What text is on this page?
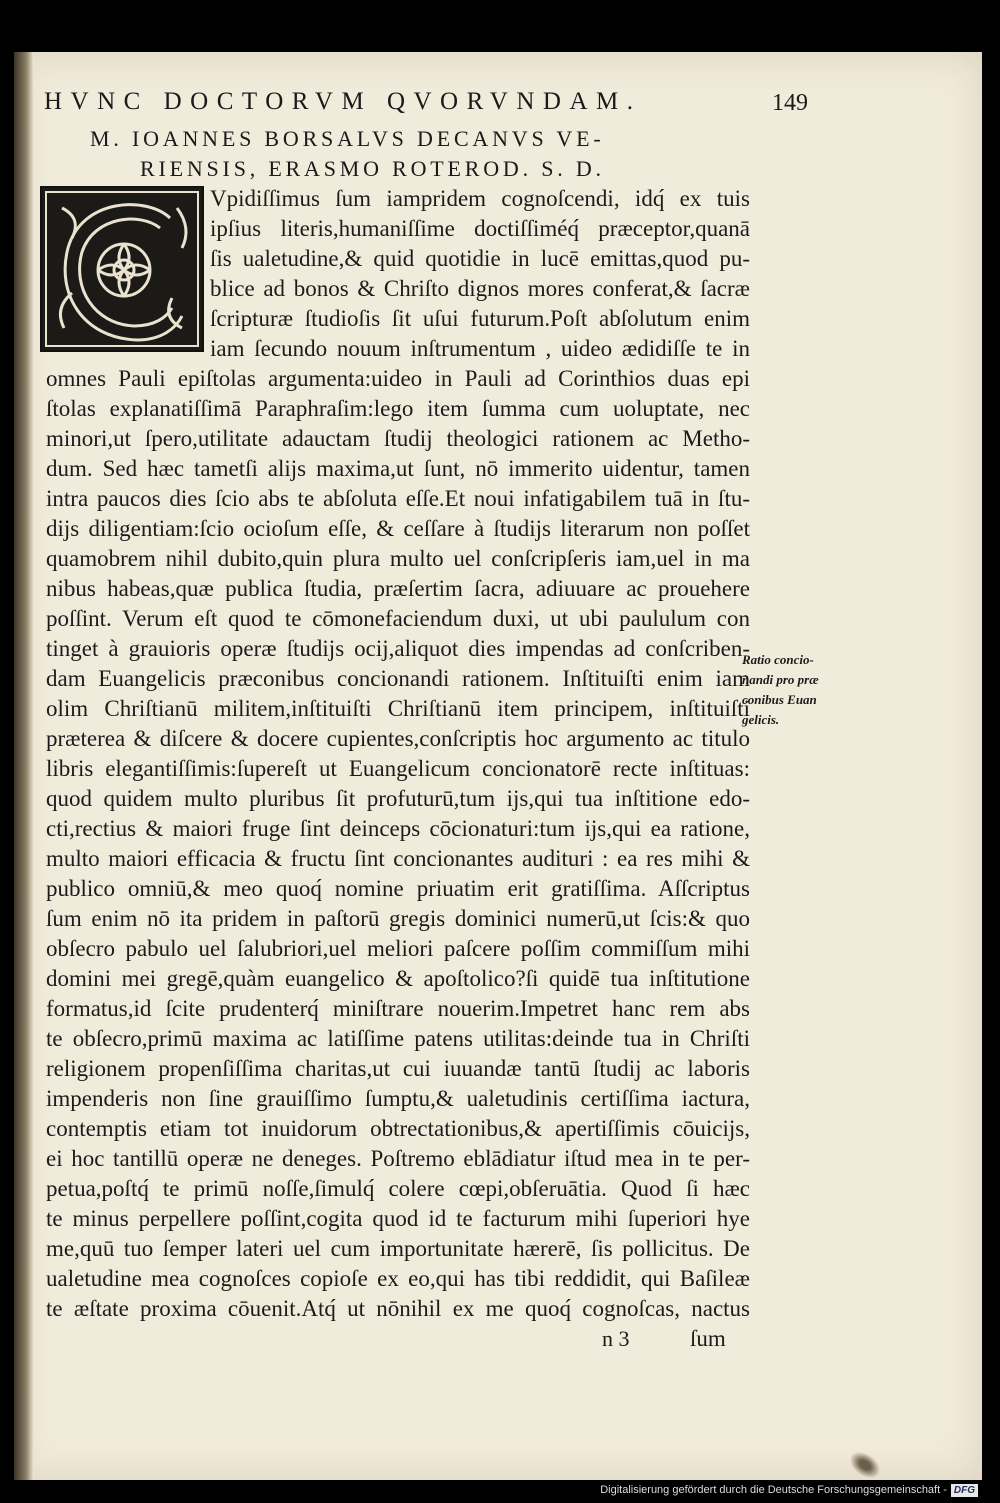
HVNC DOCTORVM QVORVNDAM.	149
M. IOANNES BORSALVS DECANVS VE-
RIENSIS, ERASMO ROTEROD. S. D.
Vpidiſſimus ſum iampridem cognoſcendi, idq́ ex tuis
ipſius literis,humaniſſime doctiſſiméq́ præceptor,quanā
ſis ualetudine,& quid quotidie in lucē emittas,quod pu-
blice ad bonos & Chriſto dignos mores conferat,& ſacræ
ſcripturæ ſtudioſis ſit uſui futurum.Poſt abſolutum enim
iam ſecundo nouum inſtrumentum , uideo ædidiſſe te in
omnes Pauli epiſtolas argumenta:uideo in Pauli ad Corinthios duas epi
ſtolas explanatiſſimā Paraphraſim:lego item ſumma cum uoluptate, nec
minori,ut ſpero,utilitate adauctam ſtudij theologici rationem ac Metho-
dum. Sed hæc tametſi alijs maxima,ut ſunt, nō immerito uidentur, tamen
intra paucos dies ſcio abs te abſoluta eſſe.Et noui infatigabilem tuā in ſtu-
dijs diligentiam:ſcio ocioſum eſſe, & ceſſare à ſtudijs literarum non poſſet
quamobrem nihil dubito,quin plura multo uel conſcripſeris iam,uel in ma
nibus habeas,quæ publica ſtudia, præſertim ſacra, adiuuare ac prouehere
poſſint. Verum eſt quod te cōmonefaciendum duxi, ut ubi paululum con
tinget à grauioris operæ ſtudijs ocij,aliquot dies impendas ad conſcriben-
dam Euangelicis præconibus concionandi rationem. Inſtituiſti enim iam
olim Chriſtianū militem,inſtituiſti Chriſtianū item principem, inſtituiſti
præterea & diſcere & docere cupientes,conſcriptis hoc argumento ac titulo
libris elegantiſſimis:ſupereſt ut Euangelicum concionatorē recte inſtituas:
quod quidem multo pluribus ſit profuturū,tum ijs,qui tua inſtitione edo-
cti,rectius & maiori fruge ſint deinceps cōcionaturi:tum ijs,qui ea ratione,
multo maiori efficacia & fructu ſint concionantes audituri : ea res mihi &
publico omniū,& meo quoq́ nomine priuatim erit gratiſſima. Aſſcriptus
ſum enim nō ita pridem in paſtorū gregis dominici numerū,ut ſcis:& quo
obſecro pabulo uel ſalubriori,uel meliori paſcere poſſim commiſſum mihi
domini mei gregē,quàm euangelico & apoſtolico?ſi quidē tua inſtitutione
formatus,id ſcite prudenterq́ miniſtrare nouerim.Impetret hanc rem abs
te obſecro,primū maxima ac latiſſime patens utilitas:deinde tua in Chriſti
religionem propenſiſſima charitas,ut cui iuuandæ tantū ſtudij ac laboris
impenderis non ſine grauiſſimo ſumptu,& ualetudinis certiſſima iactura,
contemptis etiam tot inuidorum obtrectationibus,& apertiſſimis cōuicijs,
ei hoc tantillū operæ ne deneges. Poſtremo eblādiatur iſtud mea in te per-
petua,poſtq́ te primū noſſe,ſimulq́ colere cœpi,obſeruātia. Quod ſi hæc
te minus perpellere poſſint,cogita quod id te facturum mihi ſuperiori hye
me,quū tuo ſemper lateri uel cum importunitate hærerē, ſis pollicitus. De
ualetudine mea cognoſces copioſe ex eo,qui has tibi reddidit, qui Baſileæ
te æſtate proxima cōuenit.Atq́ ut nōnihil ex me quoq́ cognoſcas, nactus
Ratio concio-
nandi pro præ
conibus Euan
gelicis.
n 3	ſum
Digitalisierung gefördert durch die Deutsche Forschungsgemeinschaft - DFG
